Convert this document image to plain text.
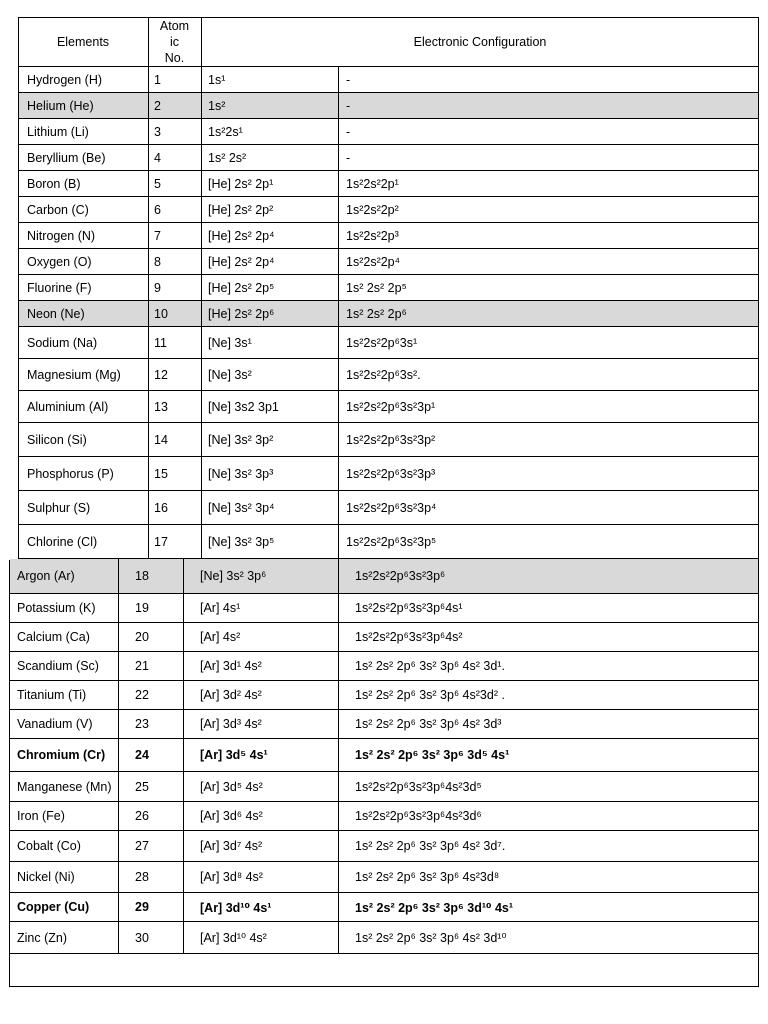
Elements
Atom
ic
No.
Electronic Configuration
Hydrogen (H)	1	1s¹	-
Helium (He)	2	1s²	-
Lithium (Li)	3	1s²2s¹	-
Beryllium (Be)	4	1s² 2s²	-
Boron (B)	5	[He] 2s² 2p¹	1s²2s²2p¹
Carbon (C)	6	[He] 2s² 2p²	1s²2s²2p²
Nitrogen (N)	7	[He] 2s² 2p⁴	1s²2s²2p³
Oxygen (O)	8	[He] 2s² 2p⁴	1s²2s²2p⁴
Fluorine (F)	9	[He] 2s² 2p⁵	1s² 2s² 2p⁵
Neon (Ne)	10	[He] 2s² 2p⁶	1s² 2s² 2p⁶
Sodium (Na)	11	[Ne] 3s¹	1s²2s²2p⁶3s¹
Magnesium (Mg)	12	[Ne] 3s²	1s²2s²2p⁶3s².
Aluminium (Al)	13	[Ne] 3s2 3p1	1s²2s²2p⁶3s²3p¹
Silicon (Si)	14	[Ne] 3s² 3p²	1s²2s²2p⁶3s²3p²
Phosphorus (P)	15	[Ne] 3s² 3p³	1s²2s²2p⁶3s²3p³
Sulphur (S)	16	[Ne] 3s² 3p⁴	1s²2s²2p⁶3s²3p⁴
Chlorine (Cl)	17	[Ne] 3s² 3p⁵	1s²2s²2p⁶3s²3p⁵
Argon (Ar)	18	[Ne] 3s² 3p⁶	1s²2s²2p⁶3s²3p⁶
Potassium (K)	19	[Ar] 4s¹	1s²2s²2p⁶3s²3p⁶4s¹
Calcium (Ca)	20	[Ar] 4s²	1s²2s²2p⁶3s²3p⁶4s²
Scandium (Sc)	21	[Ar] 3d¹ 4s²	1s² 2s² 2p⁶ 3s² 3p⁶ 4s² 3d¹.
Titanium (Ti)	22	[Ar] 3d² 4s²	1s² 2s² 2p⁶ 3s² 3p⁶ 4s²3d² .
Vanadium (V)	23	[Ar] 3d³ 4s²	1s² 2s² 2p⁶ 3s² 3p⁶ 4s² 3d³
Chromium (Cr)	24	[Ar] 3d⁵ 4s¹	1s² 2s² 2p⁶ 3s² 3p⁶ 3d⁵ 4s¹
Manganese (Mn)	25	[Ar] 3d⁵ 4s²	1s²2s²2p⁶3s²3p⁶4s²3d⁵
Iron (Fe)	26	[Ar] 3d⁶ 4s²	1s²2s²2p⁶3s²3p⁶4s²3d⁶
Cobalt (Co)	27	[Ar] 3d⁷ 4s²	1s² 2s² 2p⁶ 3s² 3p⁶ 4s² 3d⁷.
Nickel (Ni)	28	[Ar] 3d⁸ 4s²	1s² 2s² 2p⁶ 3s² 3p⁶ 4s²3d⁸
Copper (Cu)	29	[Ar] 3d¹⁰ 4s¹	1s² 2s² 2p⁶ 3s² 3p⁶ 3d¹⁰ 4s¹
Zinc (Zn)	30	[Ar] 3d¹⁰ 4s²	1s² 2s² 2p⁶ 3s² 3p⁶ 4s² 3d¹⁰
